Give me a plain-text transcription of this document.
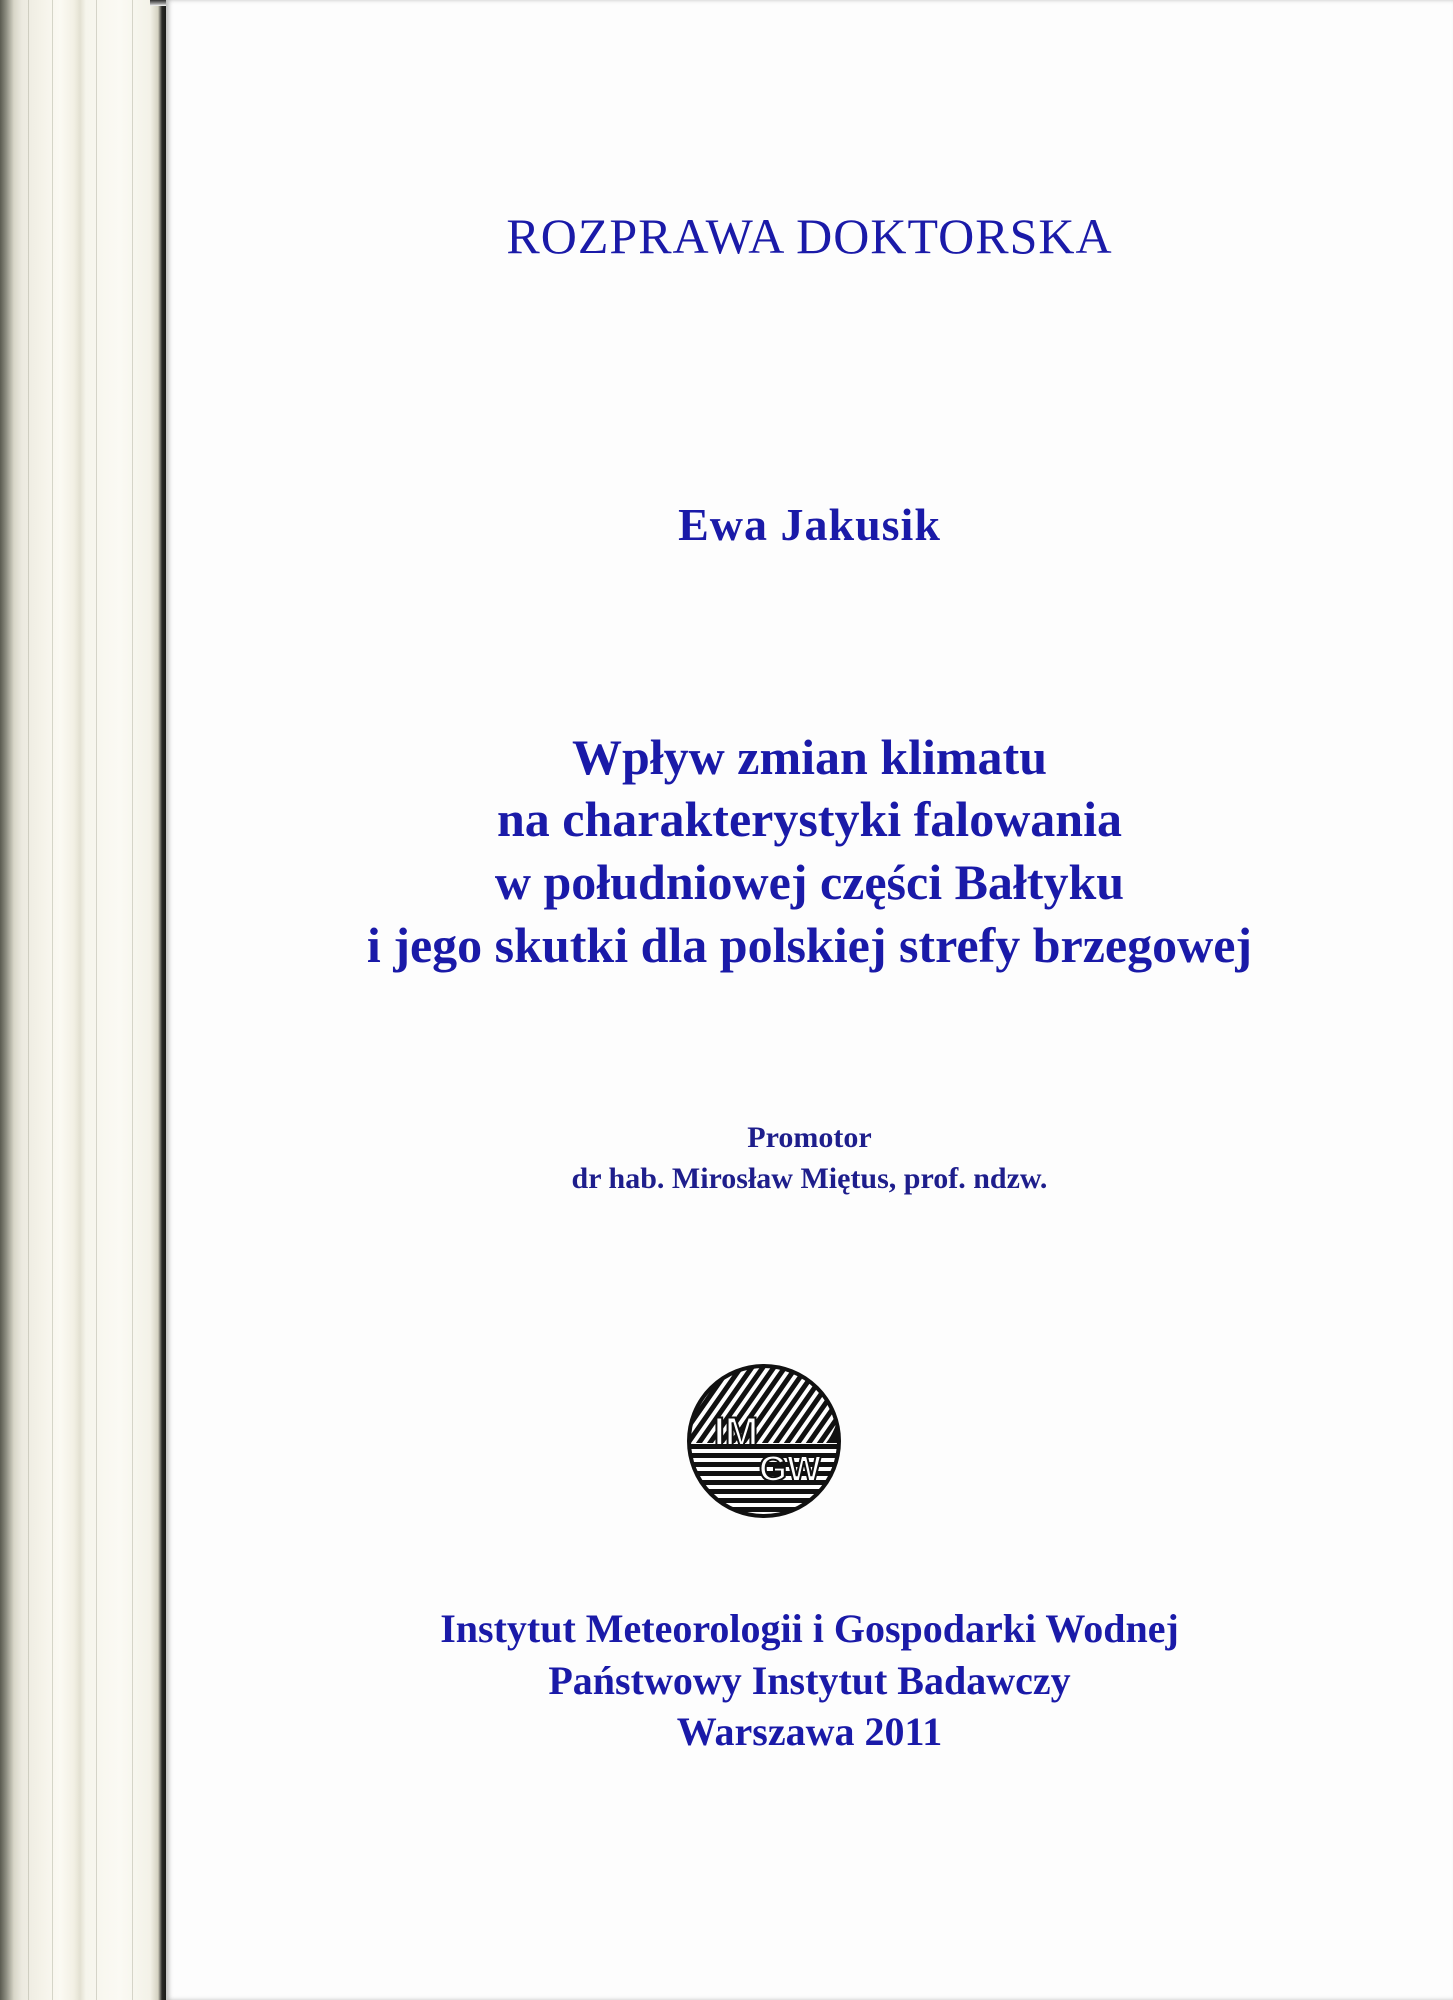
ROZPRAWA DOKTORSKA
Ewa Jakusik
Wpływ zmian klimatu
na charakterystyki falowania
w południowej części Bałtyku
i jego skutki dla polskiej strefy brzegowej
Promotor
dr hab. Mirosław Miętus, prof. ndzw.
IM
GW
Instytut Meteorologii i Gospodarki Wodnej
Państwowy Instytut Badawczy
Warszawa 2011
